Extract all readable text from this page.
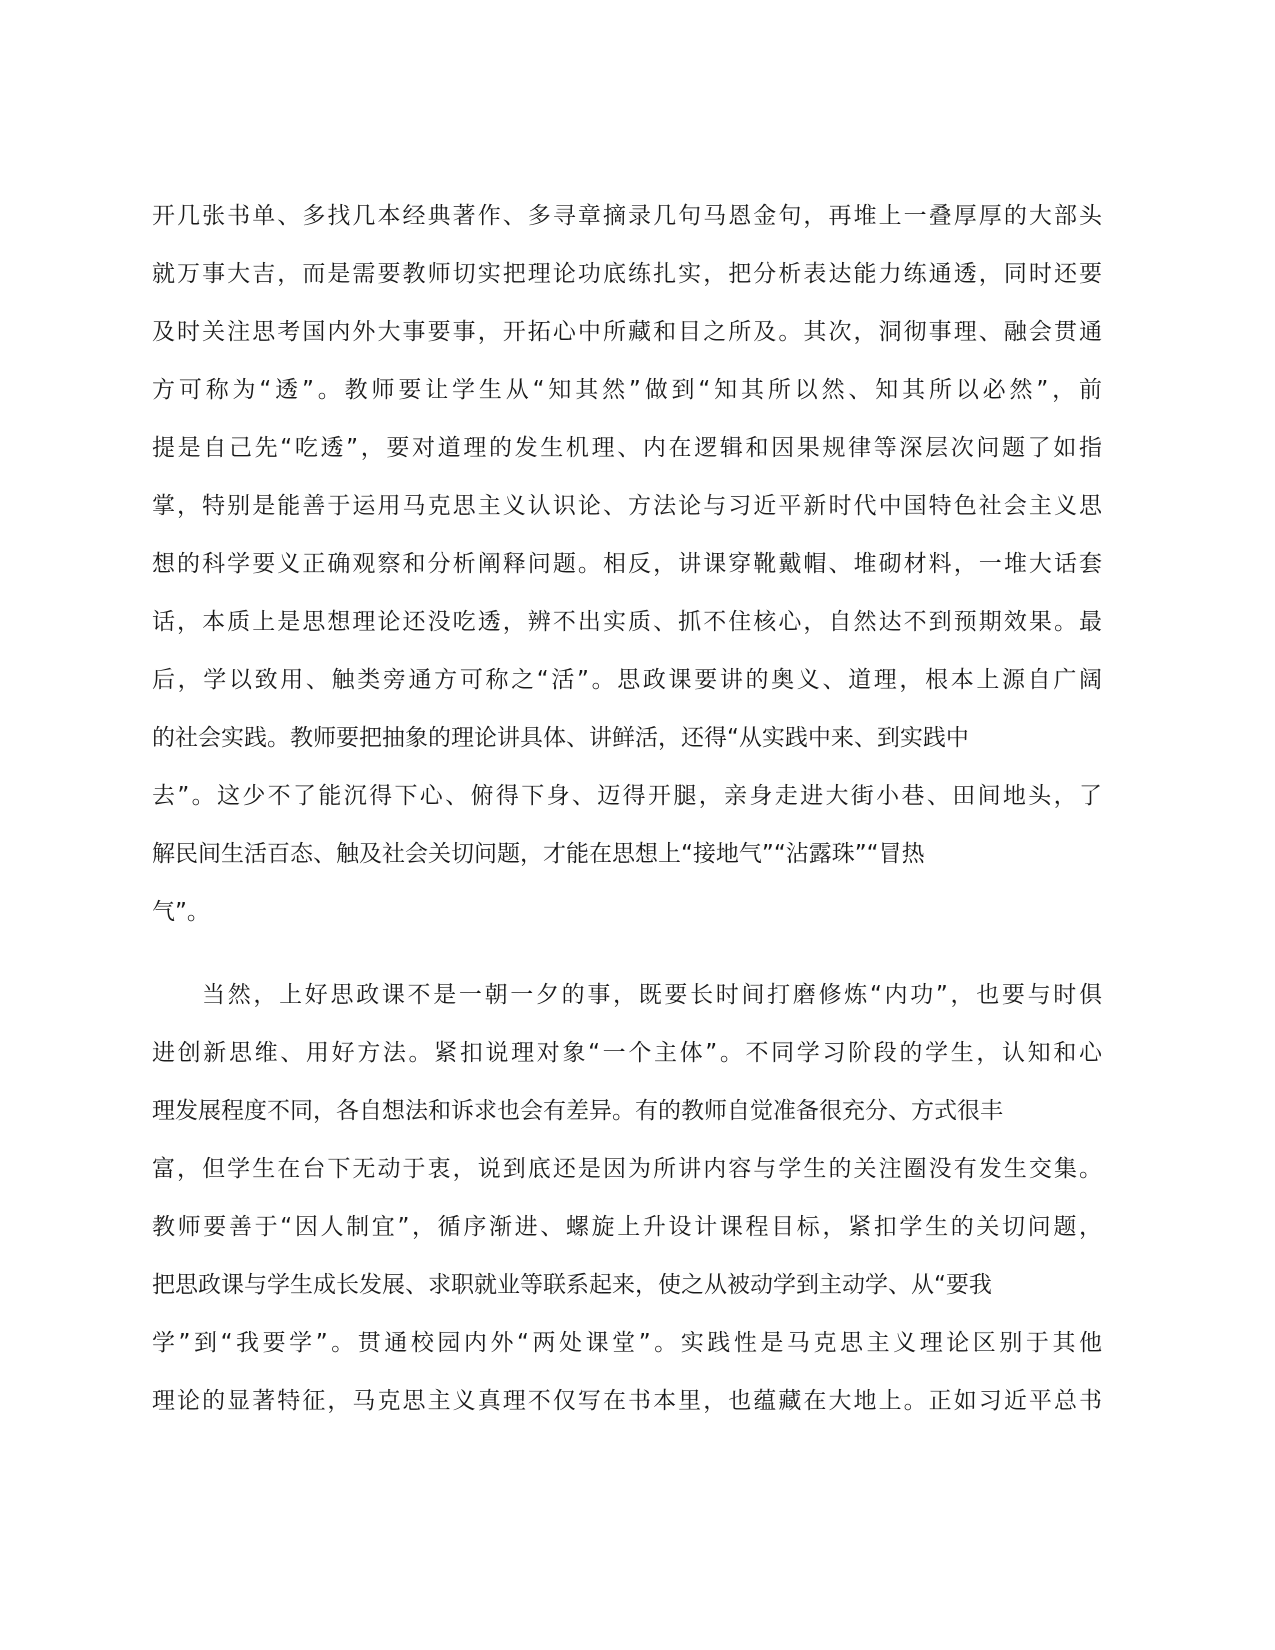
开几张书单、多找几本经典著作、多寻章摘录几句马恩金句，再堆上一叠厚厚的大部头
就万事大吉，而是需要教师切实把理论功底练扎实，把分析表达能力练通透，同时还要
及时关注思考国内外大事要事，开拓心中所藏和目之所及。其次，洞彻事理、融会贯通
方可称为“透”。教师要让学生从“知其然”做到“知其所以然、知其所以必然”，前
提是自己先“吃透”，要对道理的发生机理、内在逻辑和因果规律等深层次问题了如指
掌，特别是能善于运用马克思主义认识论、方法论与习近平新时代中国特色社会主义思
想的科学要义正确观察和分析阐释问题。相反，讲课穿靴戴帽、堆砌材料，一堆大话套
话，本质上是思想理论还没吃透，辨不出实质、抓不住核心，自然达不到预期效果。最
后，学以致用、触类旁通方可称之“活”。思政课要讲的奥义、道理，根本上源自广阔
的社会实践。教师要把抽象的理论讲具体、讲鲜活，还得“从实践中来、到实践中
去”。这少不了能沉得下心、俯得下身、迈得开腿，亲身走进大街小巷、田间地头，了
解民间生活百态、触及社会关切问题，才能在思想上“接地气”“沾露珠”“冒热
气”。
当然，上好思政课不是一朝一夕的事，既要长时间打磨修炼“内功”，也要与时俱
进创新思维、用好方法。紧扣说理对象“一个主体”。不同学习阶段的学生，认知和心
理发展程度不同，各自想法和诉求也会有差异。有的教师自觉准备很充分、方式很丰
富，但学生在台下无动于衷，说到底还是因为所讲内容与学生的关注圈没有发生交集。
教师要善于“因人制宜”，循序渐进、螺旋上升设计课程目标，紧扣学生的关切问题，
把思政课与学生成长发展、求职就业等联系起来，使之从被动学到主动学、从“要我
学”到“我要学”。贯通校园内外“两处课堂”。实践性是马克思主义理论区别于其他
理论的显著特征，马克思主义真理不仅写在书本里，也蕴藏在大地上。正如习近平总书
